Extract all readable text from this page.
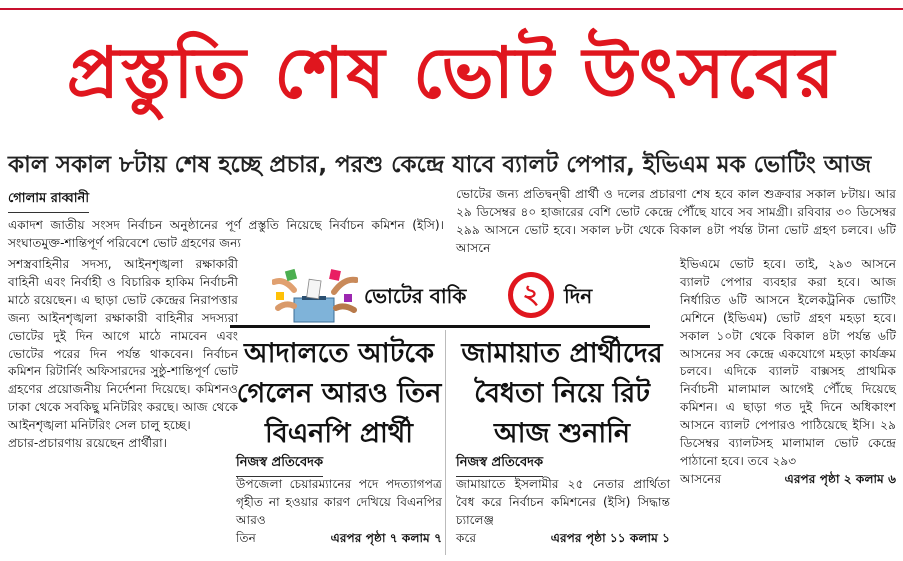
প্রস্তুতি শেষ ভোট উৎসবের
কাল সকাল ৮টায় শেষ হচ্ছে প্রচার, পরশু কেন্দ্রে যাবে ব্যালট পেপার, ইভিএম মক ভোটিং আজ
গোলাম রাব্বানী
একাদশ জাতীয় সংসদ নির্বাচন অনুষ্ঠানের পূর্ণ প্রস্তুতি নিয়েছে নির্বাচন কমিশন (ইসি)। সংঘাতমুক্ত-শান্তিপূর্ণ পরিবেশে ভোট গ্রহণের জন্য

সশস্ত্রবাহিনীর সদস্য, আইনশৃঙ্খলা রক্ষাকারী বাহিনী এবং নির্বাহী ও বিচারিক হাকিম নির্বাচনী মাঠে রয়েছেন। এ ছাড়া ভোট কেন্দ্রের নিরাপত্তার জন্য আইনশৃঙ্খলা রক্ষাকারী বাহিনীর সদস্যরা ভোটের দুই দিন আগে মাঠে নামবেন এবং ভোটের পরের দিন পর্যন্ত থাকবেন। নির্বাচন কমিশন রিটার্নিং অফিসারদের সুষ্ঠু-শান্তিপূর্ণ ভোট গ্রহণের প্রয়োজনীয় নির্দেশনা দিয়েছে। কমিশনও ঢাকা থেকে সবকিছু মনিটরিং করছে। আজ থেকে আইনশৃঙ্খলা মনিটরিং সেল চালু হচ্ছে।

প্রচার-প্রচারণায় রয়েছেন প্রার্থীরা।

ভোটের জন্য প্রতিদ্বন্দ্বী প্রার্থী ও দলের প্রচারণা শেষ হবে কাল শুক্রবার সকাল ৮টায়। আর ২৯ ডিসেম্বর ৪০ হাজারের বেশি ভোট কেন্দ্রে পৌঁছে যাবে সব সামগ্রী। রবিবার ৩০ ডিসেম্বর ২৯৯ আসনে ভোট হবে। সকাল ৮টা থেকে বিকাল ৪টা পর্যন্ত টানা ভোট গ্রহণ চলবে। ৬টি আসনে

ইভিএমে ভোট হবে। তাই, ২৯৩ আসনে ব্যালট পেপার ব্যবহার করা হবে। আজ নির্ধারিত ৬টি আসনে ইলেকট্রনিক ভোটিং মেশিনে (ইভিএম) ভোট গ্রহণ মহড়া হবে। সকাল ১০টা থেকে বিকাল ৪টা পর্যন্ত ৬টি আসনের সব কেন্দ্রে একযোগে মহড়া কার্যক্রম চলবে। এদিকে ব্যালট বাক্সসহ প্রাথমিক নির্বাচনী মালামাল আগেই পৌঁছে দিয়েছে কমিশন। এ ছাড়া গত দুই দিনে অধিকাংশ আসনে ব্যালট পেপারও পাঠিয়েছে ইসি। ২৯ ডিসেম্বর ব্যালটসহ মালামাল ভোট কেন্দ্রে পাঠানো হবে। তবে ২৯৩

আসনের	এরপর পৃষ্ঠা ২ কলাম ৬

ভোটের বাকি	২	দিন
আদালতে আটকে
গেলেন আরও তিন
বিএনপি প্রার্থী
নিজস্ব প্রতিবেদক

উপজেলা চেয়ারম্যানের পদে পদত্যাগপত্র গৃহীত না হওয়ার কারণ দেখিয়ে বিএনপির আরও

তিন	এরপর পৃষ্ঠা ৭ কলাম ৭

জামায়াত প্রার্থীদের
বৈধতা নিয়ে রিট
আজ শুনানি
নিজস্ব প্রতিবেদক

জামায়াতে ইসলামীর ২৫ নেতার প্রার্থিতা বৈধ করে নির্বাচন কমিশনের (ইসি) সিদ্ধান্ত চ্যালেঞ্জ

করে	এরপর পৃষ্ঠা ১১ কলাম ১
